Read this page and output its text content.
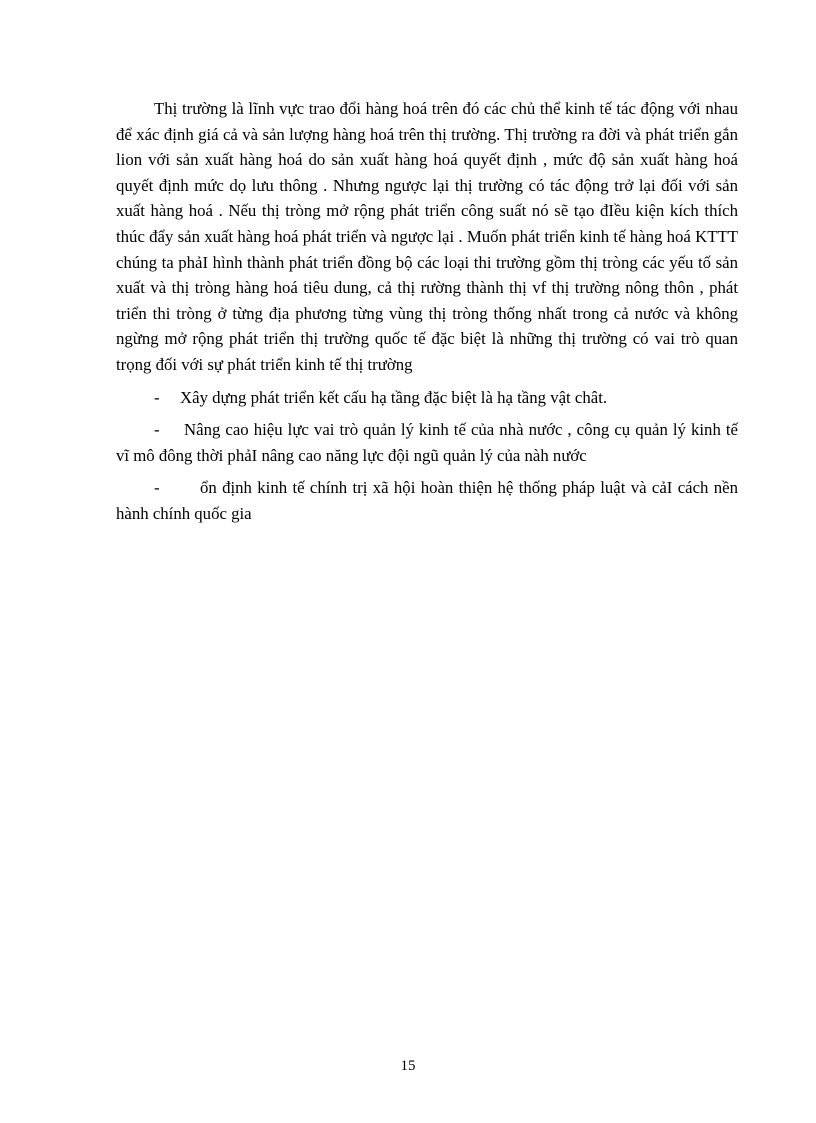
Thị trường là lĩnh vực trao đổi hàng hoá trên đó các chủ thể kinh tế tác động với nhau để xác định giá cả và sản lượng hàng hoá trên thị trường. Thị trường ra đời và phát triển gắn lion với sản xuất hàng hoá do sản xuất hàng hoá quyết định , mức độ sản xuất hàng hoá quyết định mức dọ lưu thông . Nhưng ngược lại thị trường có tác động trở lại đối với sản xuất hàng hoá . Nếu thị tròng mở rộng phát triển công suất nó sẽ tạo đIều kiện kích thích thúc đẩy sản xuất hàng hoá phát triển và ngược lại . Muốn phát triển kinh tế hàng hoá KTTT chúng ta phảI hình thành phát triển đồng bộ các loại thi trường gồm thị tròng các yếu tố sản xuất và thị tròng hàng hoá tiêu dung, cả thị rường thành thị vf thị trường nông thôn , phát triển thi tròng ở từng địa phương từng vùng thị tròng thống nhất trong cả nước và không ngừng mở rộng phát triển thị trường quốc tế đặc biệt là những thị trường có vai trò quan trọng đối với sự phát triển kinh tế thị trường

- Xây dựng phát triển kết cấu hạ tầng đặc biệt là hạ tầng vật chât.

- Nâng cao hiệu lực vai trò quản lý kinh tế của nhà nước , công cụ quản lý kinh tế vĩ mô đông thời phảI nâng cao năng lực đội ngũ quản lý của nàh nước

- ổn định kinh tế chính trị xã hội hoàn thiện hệ thống pháp luật và cảI cách nền hành chính quốc gia

15
